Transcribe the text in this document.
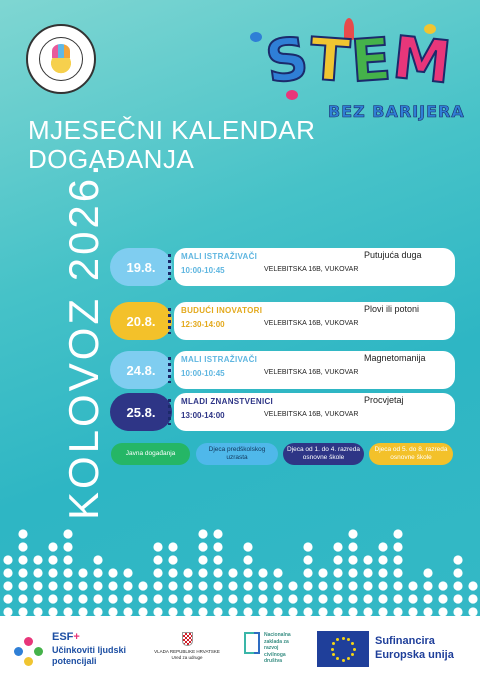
STEM
BEZ BARIJERA
MJESEČNI KALENDAR
DOGAĐANJA
KOLOVOZ 2026.	19.8.
MALI ISTRAŽIVAČI
10:00-10:45	VELEBITSKA 16B, VUKOVAR
Putujuća duga
20.8.
BUDUĆI INOVATORI
12:30-14:00	VELEBITSKA 16B, VUKOVAR
Plovi ili potoni
24.8.
MALI ISTRAŽIVAČI
10:00-10:45	VELEBITSKA 16B, VUKOVAR
Magnetomanija
25.8.
MLADI ZNANSTVENICI
13:00-14:00	VELEBITSKA 16B, VUKOVAR
Procvjetaj
Javna događanja
Djeca predškolskog uzrasta
Djeca od 1. do 4. razreda osnovne škole
Djeca od 5. do 8. razreda osnovne škole
ESF+
Učinkoviti ljudski
potencijali
VLADA REPUBLIKE HRVATSKE
Ured za udruge
Nacionalna
zaklada za
razvoj
civilnoga
društva
Sufinancira
Europska unija
